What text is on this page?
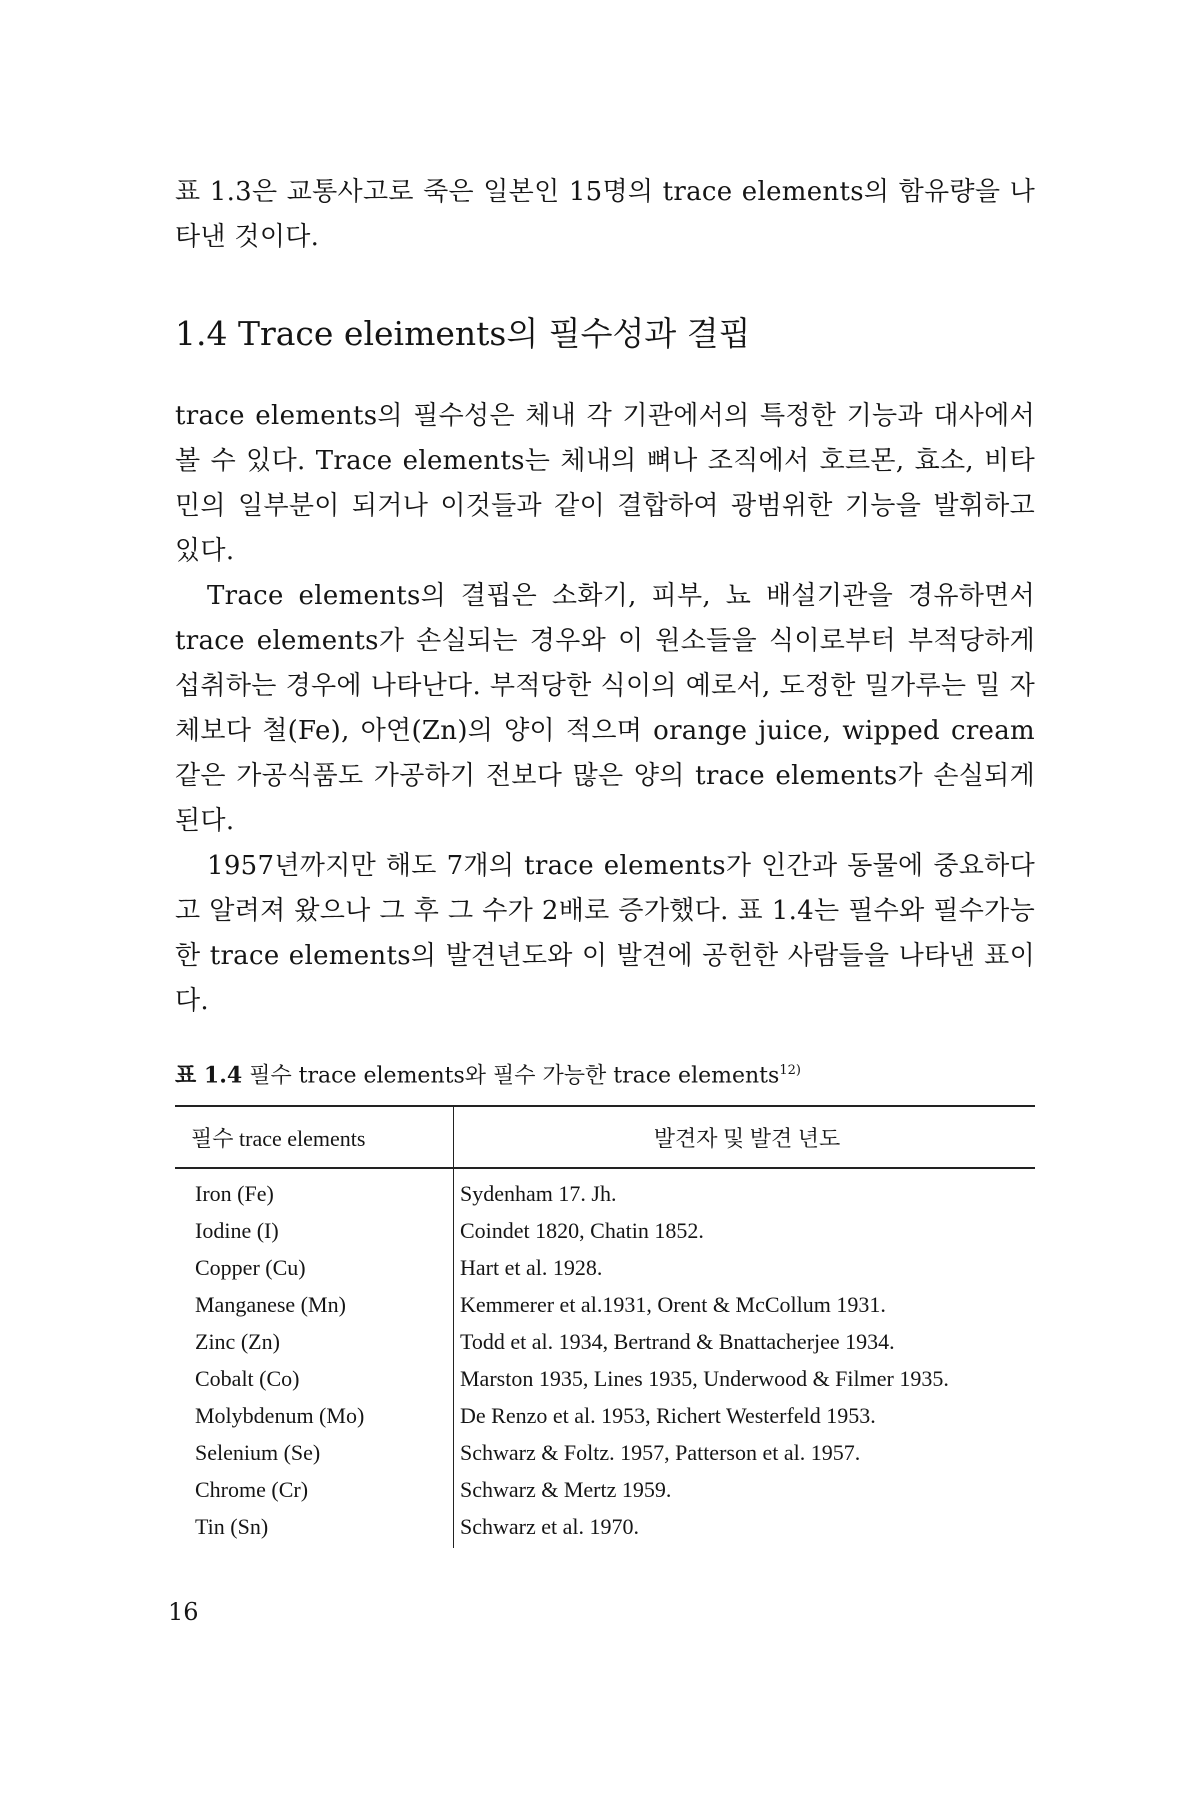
표 1.3은 교통사고로 죽은 일본인 15명의 trace elements의 함유량을 나타낸 것이다.

1.4 Trace eleiments의 필수성과 결핍

trace elements의 필수성은 체내 각 기관에서의 특정한 기능과 대사에서 볼 수 있다. Trace elements는 체내의 뼈나 조직에서 호르몬, 효소, 비타민의 일부분이 되거나 이것들과 같이 결합하여 광범위한 기능을 발휘하고 있다.

Trace elements의 결핍은 소화기, 피부, 뇨 배설기관을 경유하면서 trace elements가 손실되는 경우와 이 원소들을 식이로부터 부적당하게 섭취하는 경우에 나타난다. 부적당한 식이의 예로서, 도정한 밀가루는 밀 자체보다 철(Fe), 아연(Zn)의 양이 적으며 orange juice, wipped cream 같은 가공식품도 가공하기 전보다 많은 양의 trace elements가 손실되게 된다.

1957년까지만 해도 7개의 trace elements가 인간과 동물에 중요하다고 알려져 왔으나 그 후 그 수가 2배로 증가했다. 표 1.4는 필수와 필수가능한 trace elements의 발견년도와 이 발견에 공헌한 사람들을 나타낸 표이다.

표 1.4 필수 trace elements와 필수 가능한 trace elements$^{12)}$
필수 trace elements	발견자 및 발견 년도
Iron (Fe)	Sydenham 17. Jh.
Iodine (I)	Coindet 1820, Chatin 1852.
Copper (Cu)	Hart et al. 1928.
Manganese (Mn)	Kemmerer et al.1931, Orent & McCollum 1931.
Zinc (Zn)	Todd et al. 1934, Bertrand & Bnattacherjee 1934.
Cobalt (Co)	Marston 1935, Lines 1935, Underwood & Filmer 1935.
Molybdenum (Mo)	De Renzo et al. 1953, Richert Westerfeld 1953.
Selenium (Se)	Schwarz & Foltz. 1957, Patterson et al. 1957.
Chrome (Cr)	Schwarz & Mertz 1959.
Tin (Sn)	Schwarz et al. 1970.
16
